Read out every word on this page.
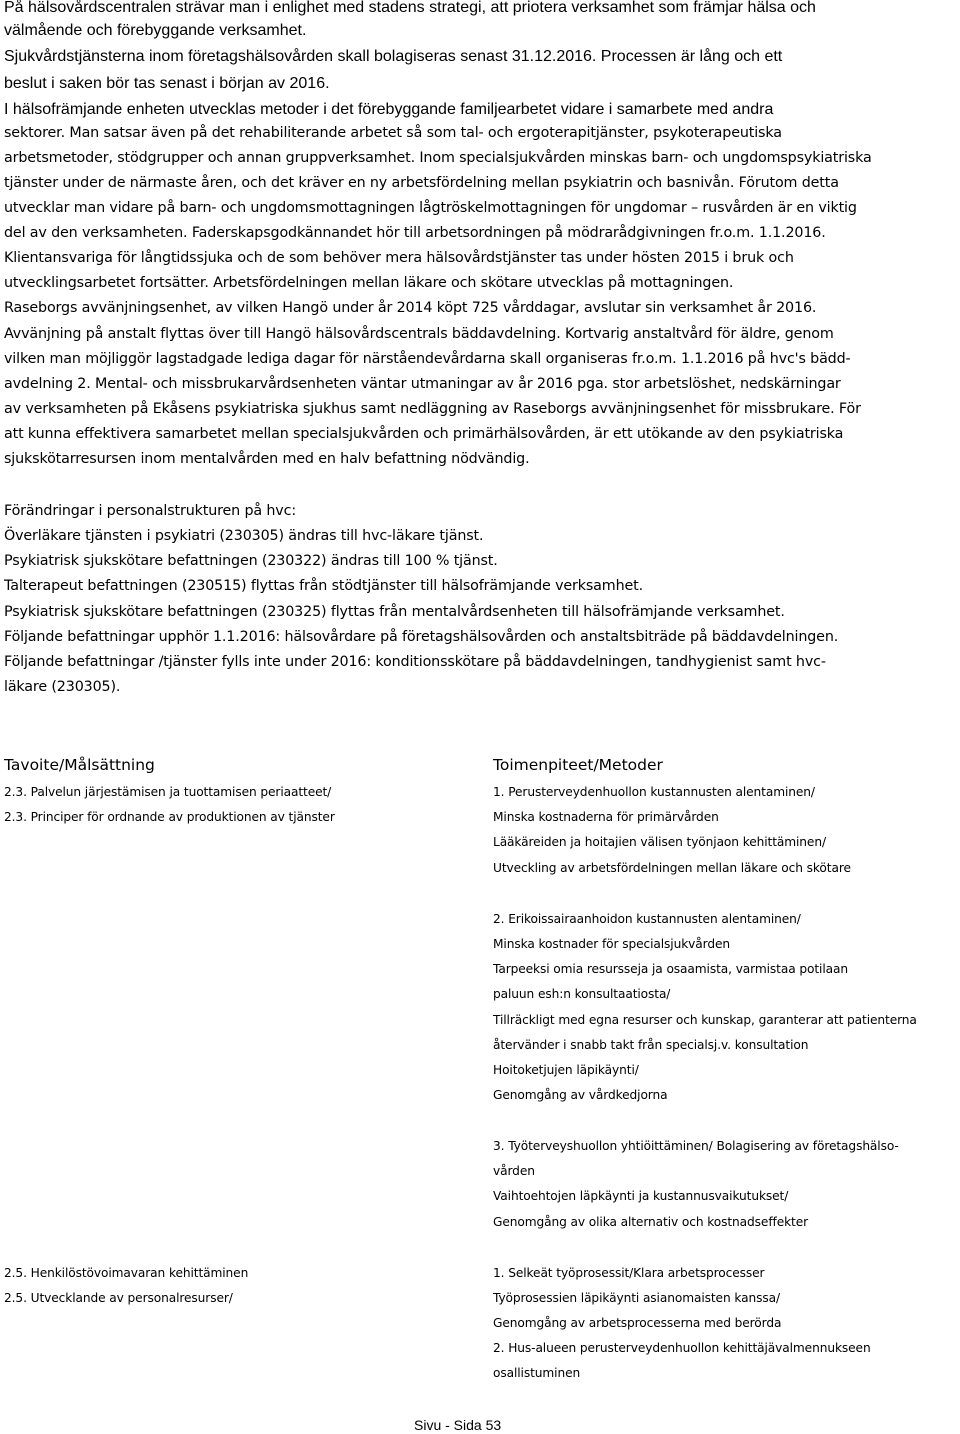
På hälsovårdscentralen strävar man i enlighet med stadens strategi, att priotera verksamhet som främjar hälsa och

välmående och förebyggande verksamhet.

Sjukvårdstjänsterna inom företagshälsovården skall bolagiseras senast 31.12.2016. Processen är lång och ett

beslut i saken bör tas senast i början av 2016.

I hälsofrämjande enheten utvecklas metoder i det förebyggande familjearbetet vidare i samarbete med andra

sektorer. Man satsar även på det rehabiliterande arbetet så som tal- och ergoterapitjänster, psykoterapeutiska

arbetsmetoder, stödgrupper och annan gruppverksamhet. Inom specialsjukvården minskas barn- och ungdomspsykiatriska

tjänster under de närmaste åren, och det kräver en ny arbetsfördelning mellan psykiatrin och basnivån. Förutom detta

utvecklar man vidare på barn- och ungdomsmottagningen lågtröskelmottagningen för ungdomar – rusvården är en viktig

del av den verksamheten. Faderskapsgodkännandet hör till arbetsordningen på mödrarådgivningen fr.o.m. 1.1.2016.

Klientansvariga för långtidssjuka och de som behöver mera hälsovårdstjänster tas under hösten 2015 i bruk och

utvecklingsarbetet fortsätter. Arbetsfördelningen mellan läkare och skötare utvecklas på mottagningen.

Raseborgs avvänjningsenhet, av vilken Hangö under år 2014 köpt 725 vårddagar, avslutar sin verksamhet år 2016.

Avvänjning på anstalt flyttas över till Hangö hälsovårdscentrals bäddavdelning. Kortvarig anstaltvård för äldre, genom

vilken man möjliggör lagstadgade lediga dagar för närståendevårdarna skall organiseras fr.o.m. 1.1.2016 på hvc's bädd-

avdelning 2. Mental- och missbrukarvårdsenheten väntar utmaningar av år 2016 pga. stor arbetslöshet, nedskärningar

av verksamheten på Ekåsens psykiatriska sjukhus samt nedläggning av Raseborgs avvänjningsenhet för missbrukare. För

att kunna effektivera samarbetet mellan specialsjukvården och primärhälsovården, är ett utökande av den psykiatriska

sjukskötarresursen inom mentalvården med en halv befattning nödvändig.

Förändringar i personalstrukturen på hvc:

Överläkare tjänsten i psykiatri (230305) ändras till hvc-läkare tjänst.

Psykiatrisk sjukskötare befattningen (230322) ändras till 100 % tjänst.

Talterapeut befattningen (230515) flyttas från stödtjänster till hälsofrämjande verksamhet.

Psykiatrisk sjukskötare befattningen (230325) flyttas från mentalvårdsenheten till hälsofrämjande verksamhet.

Följande befattningar upphör 1.1.2016: hälsovårdare på företagshälsovården och anstaltsbiträde på bäddavdelningen.

Följande befattningar /tjänster fylls inte under 2016: konditionsskötare på bäddavdelningen, tandhygienist samt hvc-

läkare (230305).

Tavoite/Målsättning	Toimenpiteet/Metoder

2.3. Palvelun järjestämisen ja tuottamisen periaatteet/

2.3. Principer för ordnande av produktionen av tjänster

1. Perusterveydenhuollon kustannusten alentaminen/

Minska kostnaderna för primärvården

Lääkäreiden ja hoitajien välisen työnjaon kehittäminen/

Utveckling av arbetsfördelningen mellan läkare och skötare

2. Erikoissairaanhoidon kustannusten alentaminen/

Minska kostnader för specialsjukvården

Tarpeeksi omia resursseja ja osaamista, varmistaa potilaan

paluun esh:n konsultaatiosta/

Tillräckligt med egna resurser och kunskap, garanterar att patienterna

återvänder i snabb takt från specialsj.v. konsultation

Hoitoketjujen läpikäynti/

Genomgång av vårdkedjorna

3. Työterveyshuollon yhtiöittäminen/ Bolagisering av företagshälso-

vården

Vaihtoehtojen läpkäynti ja kustannusvaikutukset/

Genomgång av olika alternativ och kostnadseffekter

2.5. Henkilöstövoimavaran kehittäminen

2.5. Utvecklande av personalresurser/

1. Selkeät työprosessit/Klara arbetsprocesser

Työprosessien läpikäynti asianomaisten kanssa/

Genomgång av arbetsprocesserna med berörda

2. Hus-alueen perusterveydenhuollon kehittäjävalmennukseen

osallistuminen

Sivu - Sida 53
